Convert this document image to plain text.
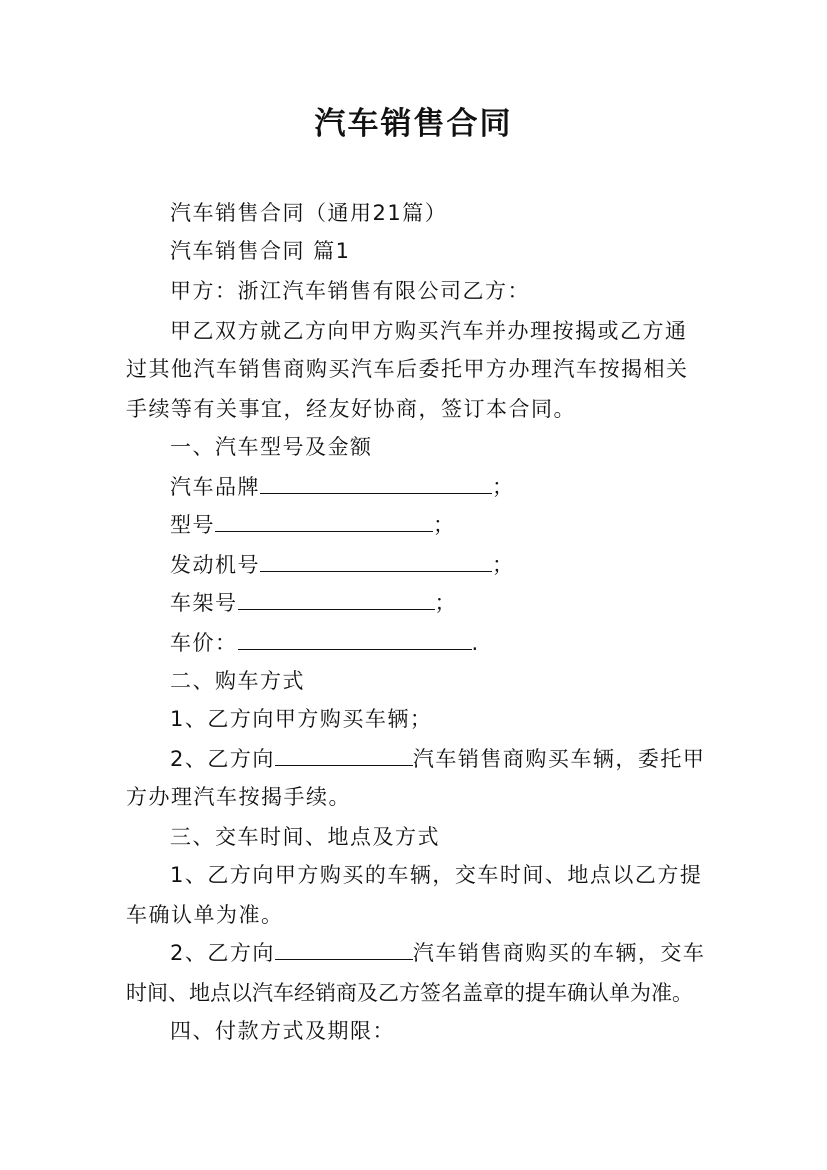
汽车销售合同
汽车销售合同（通用21篇）
汽车销售合同 篇1
甲方：浙江汽车销售有限公司乙方：
甲乙双方就乙方向甲方购买汽车并办理按揭或乙方通
过其他汽车销售商购买汽车后委托甲方办理汽车按揭相关
手续等有关事宜，经友好协商，签订本合同。
一、汽车型号及金额
汽车品牌	；
型号	；
发动机号	；
车架号	；
车价：	.
二、购车方式
1、乙方向甲方购买车辆；
2、乙方向	汽车销售商购买车辆，委托甲
方办理汽车按揭手续。
三、交车时间、地点及方式
1、乙方向甲方购买的车辆，交车时间、地点以乙方提
车确认单为准。
2、乙方向	汽车销售商购买的车辆，交车
时间、地点以汽车经销商及乙方签名盖章的提车确认单为准。
四、付款方式及期限：
